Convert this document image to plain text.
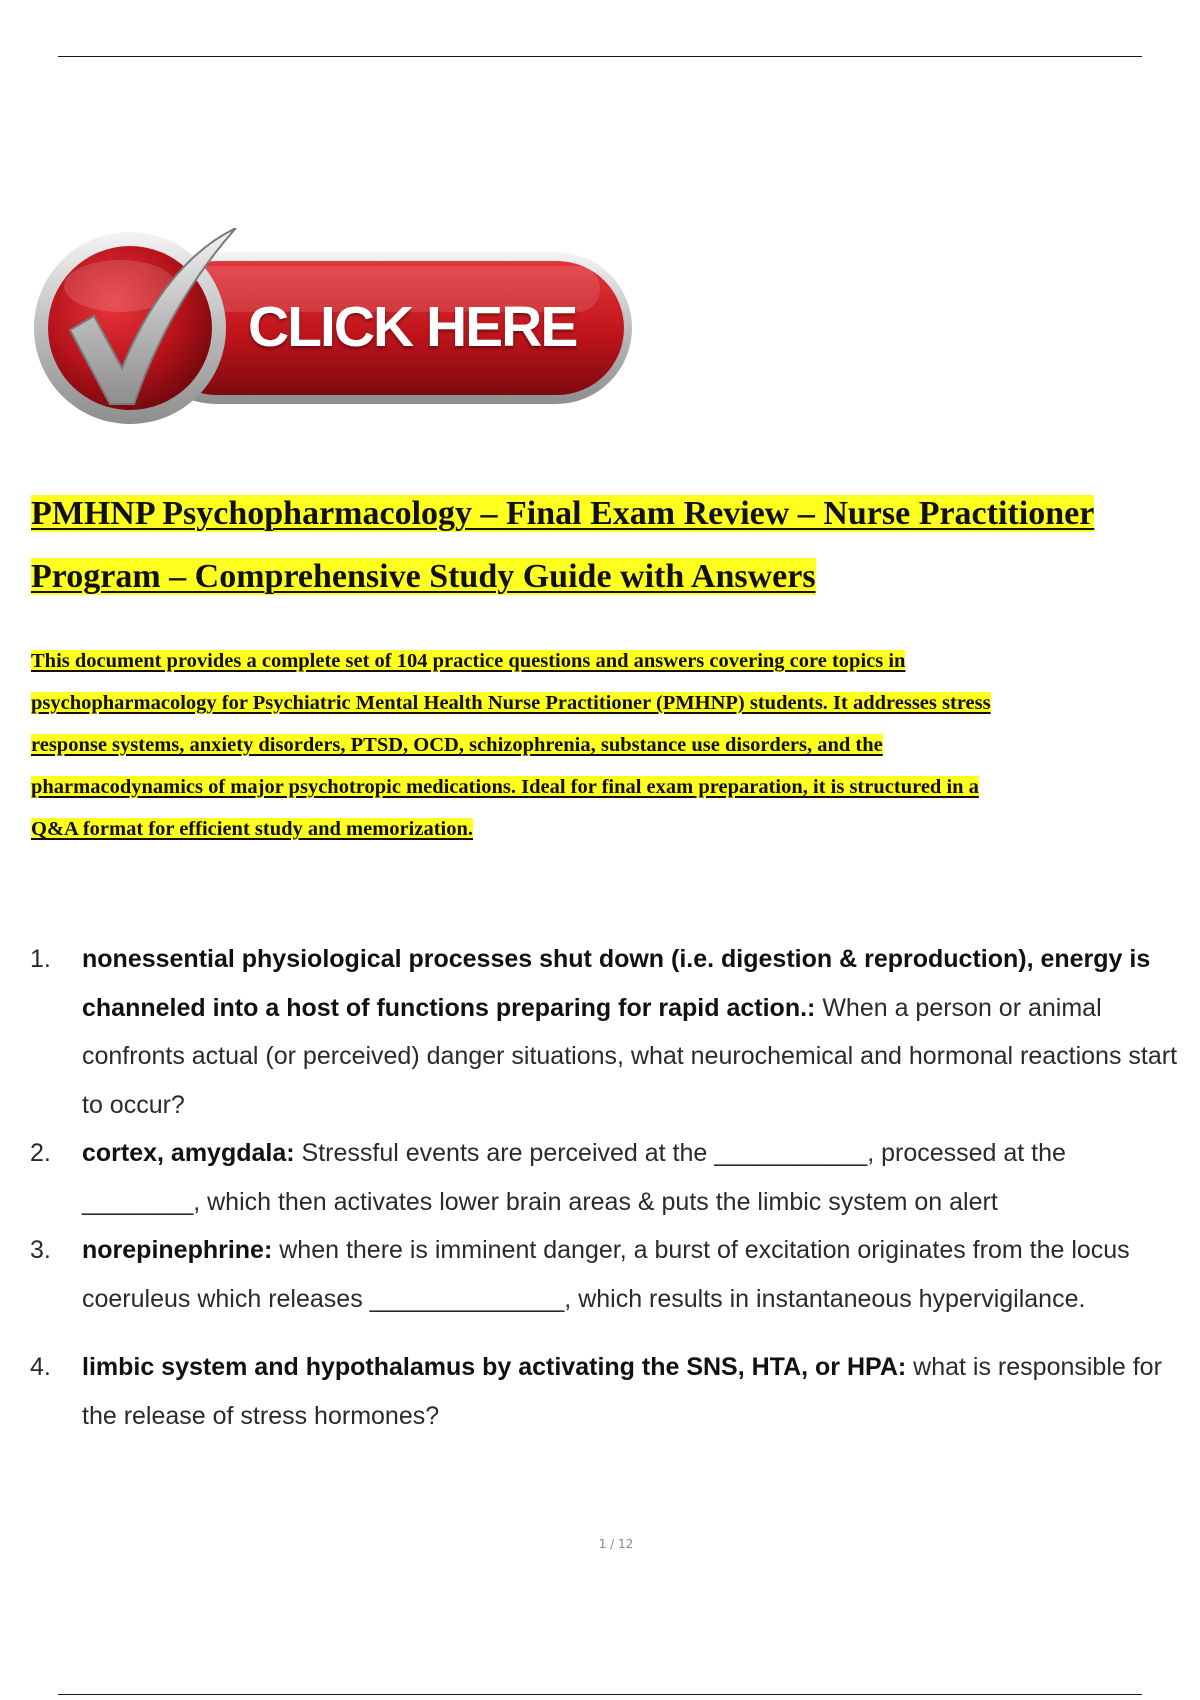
CLICK HERE
PMHNP Psychopharmacology – Final Exam Review – Nurse Practitioner
Program – Comprehensive Study Guide with Answers

This document provides a complete set of 104 practice questions and answers covering core topics in
psychopharmacology for Psychiatric Mental Health Nurse Practitioner (PMHNP) students. It addresses stress
response systems, anxiety disorders, PTSD, OCD, schizophrenia, substance use disorders, and the
pharmacodynamics of major psychotropic medications. Ideal for final exam preparation, it is structured in a
Q&A format for efficient study and memorization.

1. nonessential physiological processes shut down (i.e. digestion & reproduction), energy is channeled into a host of functions preparing for rapid action.: When a person or animal confronts actual (or perceived) danger situations, what neurochemical and hormonal reactions start to occur?
2. cortex, amygdala: Stressful events are perceived at the ___________, processed at the ________, which then activates lower brain areas & puts the limbic system on alert
3. norepinephrine: when there is imminent danger, a burst of excitation originates from the locus coeruleus which releases ______________, which results in instantaneous hypervigilance.
4. limbic system and hypothalamus by activating the SNS, HTA, or HPA: what is responsible for the release of stress hormones?
1 / 12
